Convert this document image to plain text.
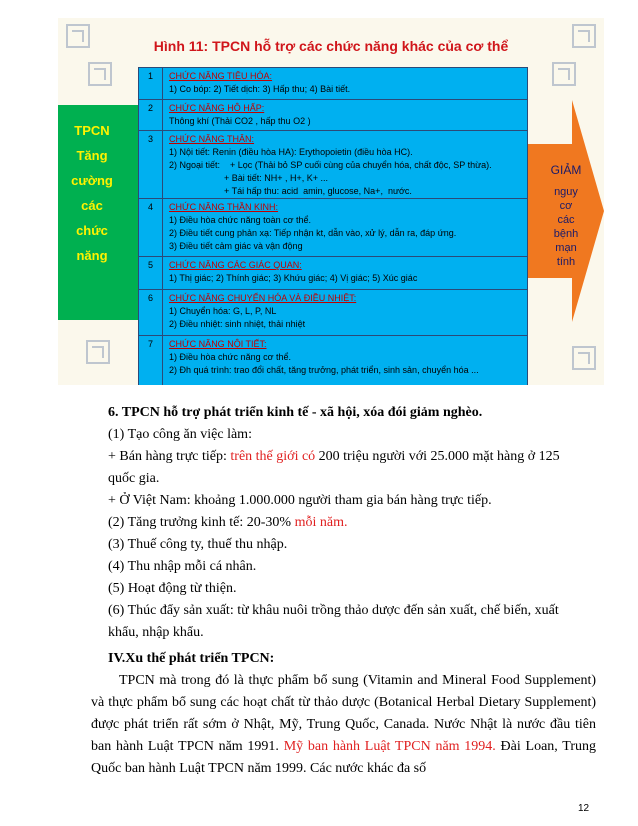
Hình 11: TPCN hỗ trợ các chức năng khác của cơ thể
TPCN
Tăng
cường
các
chức
năng
GIẢM
nguy
cơ
các
bệnh
mạn
tính
1	CHỨC NĂNG TIÊU HÓA:
1) Co bóp: 2) Tiết dịch: 3) Hấp thu; 4) Bài tiết.
2	CHỨC NĂNG HÔ HẤP:
Thông khí (Thải CO2 , hấp thu O2 )
3	CHỨC NĂNG THẬN:
1) Nội tiết: Renin (điều hòa HA): Erythopoietin (điều hòa HC).
2) Ngoại tiết:    + Lọc (Thải bỏ SP cuối cùng của chuyển hóa, chất độc, SP thừa).
+ Bài tiết: NH+ , H+, K+ ...
+ Tái hấp thu: acid  amin, glucose, Na+,  nước.
4	CHỨC NĂNG THẦN KINH:
1) Điều hòa chức năng toàn cơ thể.
2) Điều tiết cung phản xạ: Tiếp nhận kt, dẫn vào, xử lý, dẫn ra, đáp ứng.
3) Điều tiết cảm giác và vận động
5	CHỨC NĂNG CÁC GIÁC QUAN:
1) Thị giác; 2) Thính giác; 3) Khứu giác; 4) Vị giác; 5) Xúc giác
6	CHỨC NĂNG CHUYỂN HÓA VÀ ĐIỀU NHIỆT:
1) Chuyển hóa: G, L, P, NL
2) Điều nhiệt: sinh nhiệt, thải nhiệt
7	CHỨC NĂNG NỘI TIẾT:
1) Điều hòa chức năng cơ thể.
2) Đh quá trình: trao đổi chất, tăng trưởng, phát triển, sinh sản, chuyển hóa ...
6. TPCN hỗ trợ phát triển kinh tế - xã hội, xóa đói giảm nghèo.
(1) Tạo công ăn việc làm:
+ Bán hàng trực tiếp: trên thế giới có 200 triệu người với 25.000 mặt hàng ở 125
quốc gia.
+ Ở Việt Nam: khoảng 1.000.000 người tham gia bán hàng trực tiếp.
(2) Tăng trưởng kinh tế: 20-30% mỗi năm.
(3) Thuế công ty, thuế thu nhập.
(4) Thu nhập mỗi cá nhân.
(5) Hoạt động từ thiện.
(6) Thúc đẩy sản xuất: từ khâu nuôi trồng thảo dược đến sản xuất, chế biến, xuất
khẩu, nhập khẩu.
IV.Xu thế phát triển TPCN:
TPCN mà trong đó là thực phẩm bổ sung (Vitamin and Mineral Food Supplement) và thực phẩm bổ sung các hoạt chất từ thảo dược (Botanical Herbal Dietary Supplement) được phát triển rất sớm ở Nhật, Mỹ, Trung Quốc, Canada. Nước Nhật là nước đầu tiên ban hành Luật TPCN năm 1991. Mỹ ban hành Luật TPCN năm 1994. Đài Loan, Trung Quốc ban hành Luật TPCN năm 1999. Các nước khác đa số
12
